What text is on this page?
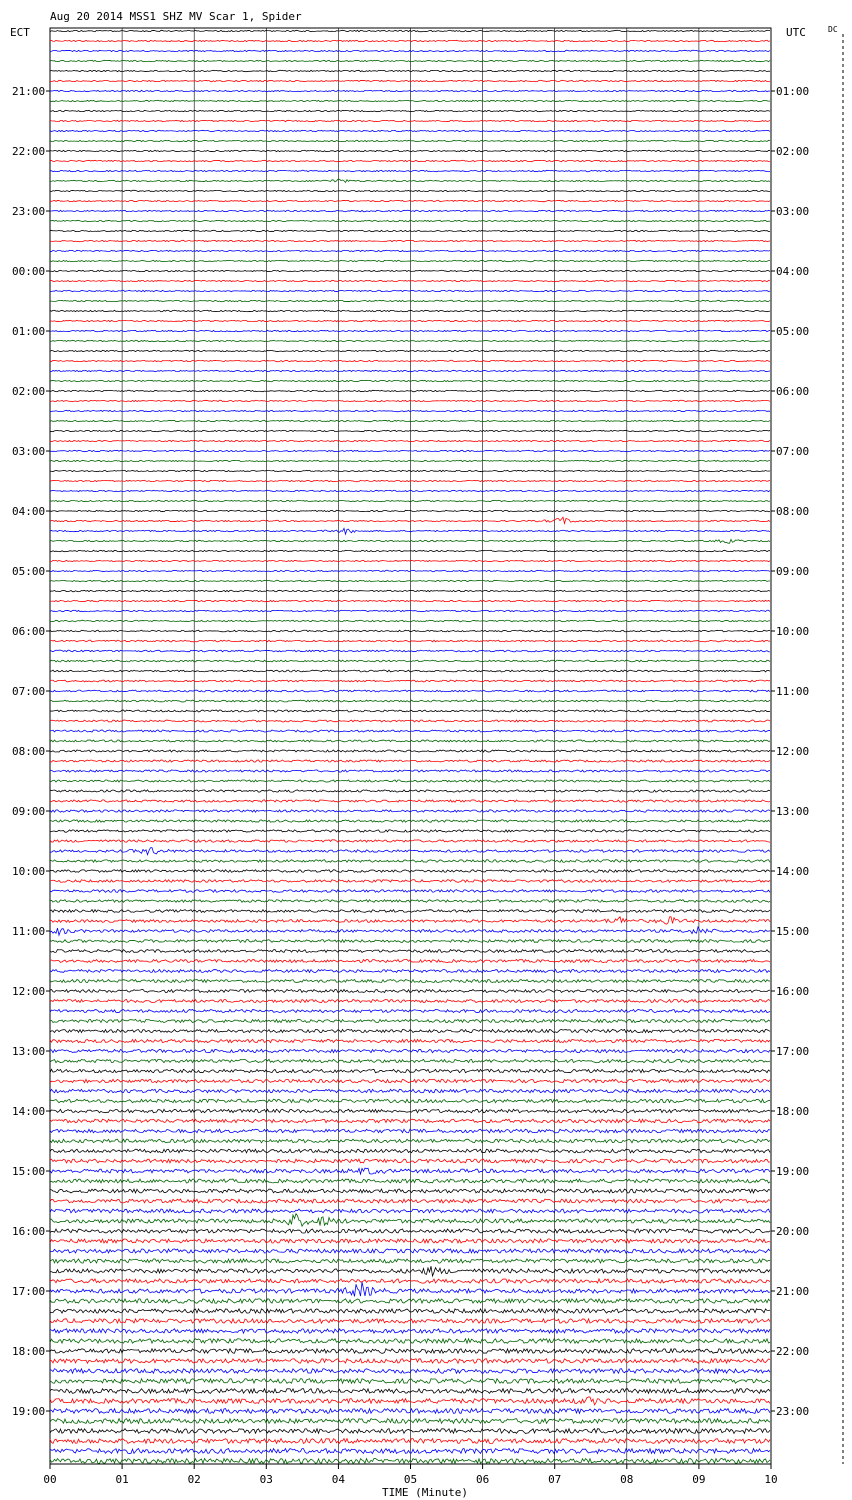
00	01	02	03	04	05	06	07	08	09	10
21:00	01:00
22:00	02:00
23:00	03:00
00:00	04:00
01:00	05:00
02:00	06:00
03:00	07:00
04:00	08:00
05:00	09:00
06:00	10:00
07:00	11:00
08:00	12:00
09:00	13:00
10:00	14:00
11:00	15:00
12:00	16:00
13:00	17:00
14:00	18:00
15:00	19:00
16:00	20:00
17:00	21:00
18:00	22:00
19:00	23:00
Aug 20 2014 MSS1 SHZ MV Scar 1, Spider
ECT	UTC	DC
TIME (Minute)
